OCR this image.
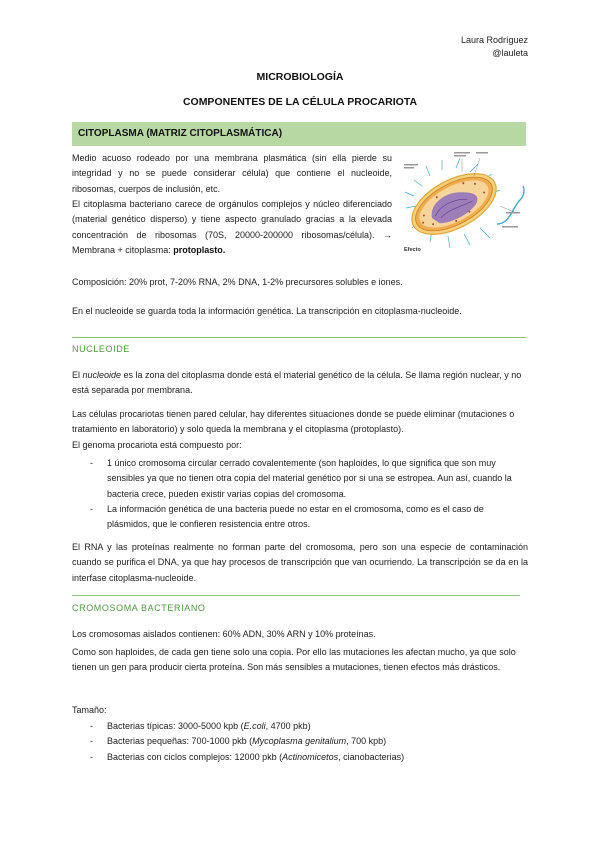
Laura Rodríguez
@lauleta
MICROBIOLOGÍA
COMPONENTES DE LA CÉLULA PROCARIOTA
CITOPLASMA (MATRIZ CITOPLASMÁTICA)
Medio acuoso rodeado por una membrana plasmática (sin ella pierde su integridad y no se puede considerar célula) que contiene el nucleoide, ribosomas, cuerpos de inclusión, etc.
El citoplasma bacteriano carece de orgánulos complejos y núcleo diferenciado (material genético disperso) y tiene aspecto granulado gracias a la elevada concentración de ribosomas (70S, 20000-200000 ribosomas/célula). → Membrana + citoplasma: protoplasto.	Efecto
Composición: 20% prot, 7-20% RNA, 2% DNA, 1-2% precursores solubles e iones.
En el nucleoide se guarda toda la información genética. La transcripción en citoplasma-nucleoide.
NUCLEOIDE
El nucleoide es la zona del citoplasma donde está el material genético de la célula. Se llama región nuclear, y no está separada por membrana.
Las células procariotas tienen pared celular, hay diferentes situaciones donde se puede eliminar (mutaciones o tratamiento en laboratorio) y solo queda la membrana y el citoplasma (protoplasto).
El genoma procariota está compuesto por:
- 1 único cromosoma circular cerrado covalentemente (son haploides, lo que significa que son muy sensibles ya que no tienen otra copia del material genético por si una se estropea. Aun así, cuando la bacteria crece, pueden existir varias copias del cromosoma.
- La información genética de una bacteria puede no estar en el cromosoma, como es el caso de plásmidos, que le confieren resistencia entre otros.
El RNA y las proteínas realmente no forman parte del cromosoma, pero son una especie de contaminación cuando se purifica el DNA, ya que hay procesos de transcripción que van ocurriendo. La transcripción se da en la interfase citoplasma-nucleoide.
CROMOSOMA BACTERIANO
Los cromosomas aislados contienen: 60% ADN, 30% ARN y 10% proteínas.
Como son haploides, de cada gen tiene solo una copia. Por ello las mutaciones les afectan mucho, ya que solo tienen un gen para producir cierta proteína. Son más sensibles a mutaciones, tienen efectos más drásticos.
Tamaño:
- Bacterias típicas: 3000-5000 kpb (E.coli, 4700 pkb)
- Bacterias pequeñas: 700-1000 pkb (Mycoplasma genitalium, 700 kpb)
- Bacterias con ciclos complejos: 12000 pkb (Actinomicetos, cianobacterias)
